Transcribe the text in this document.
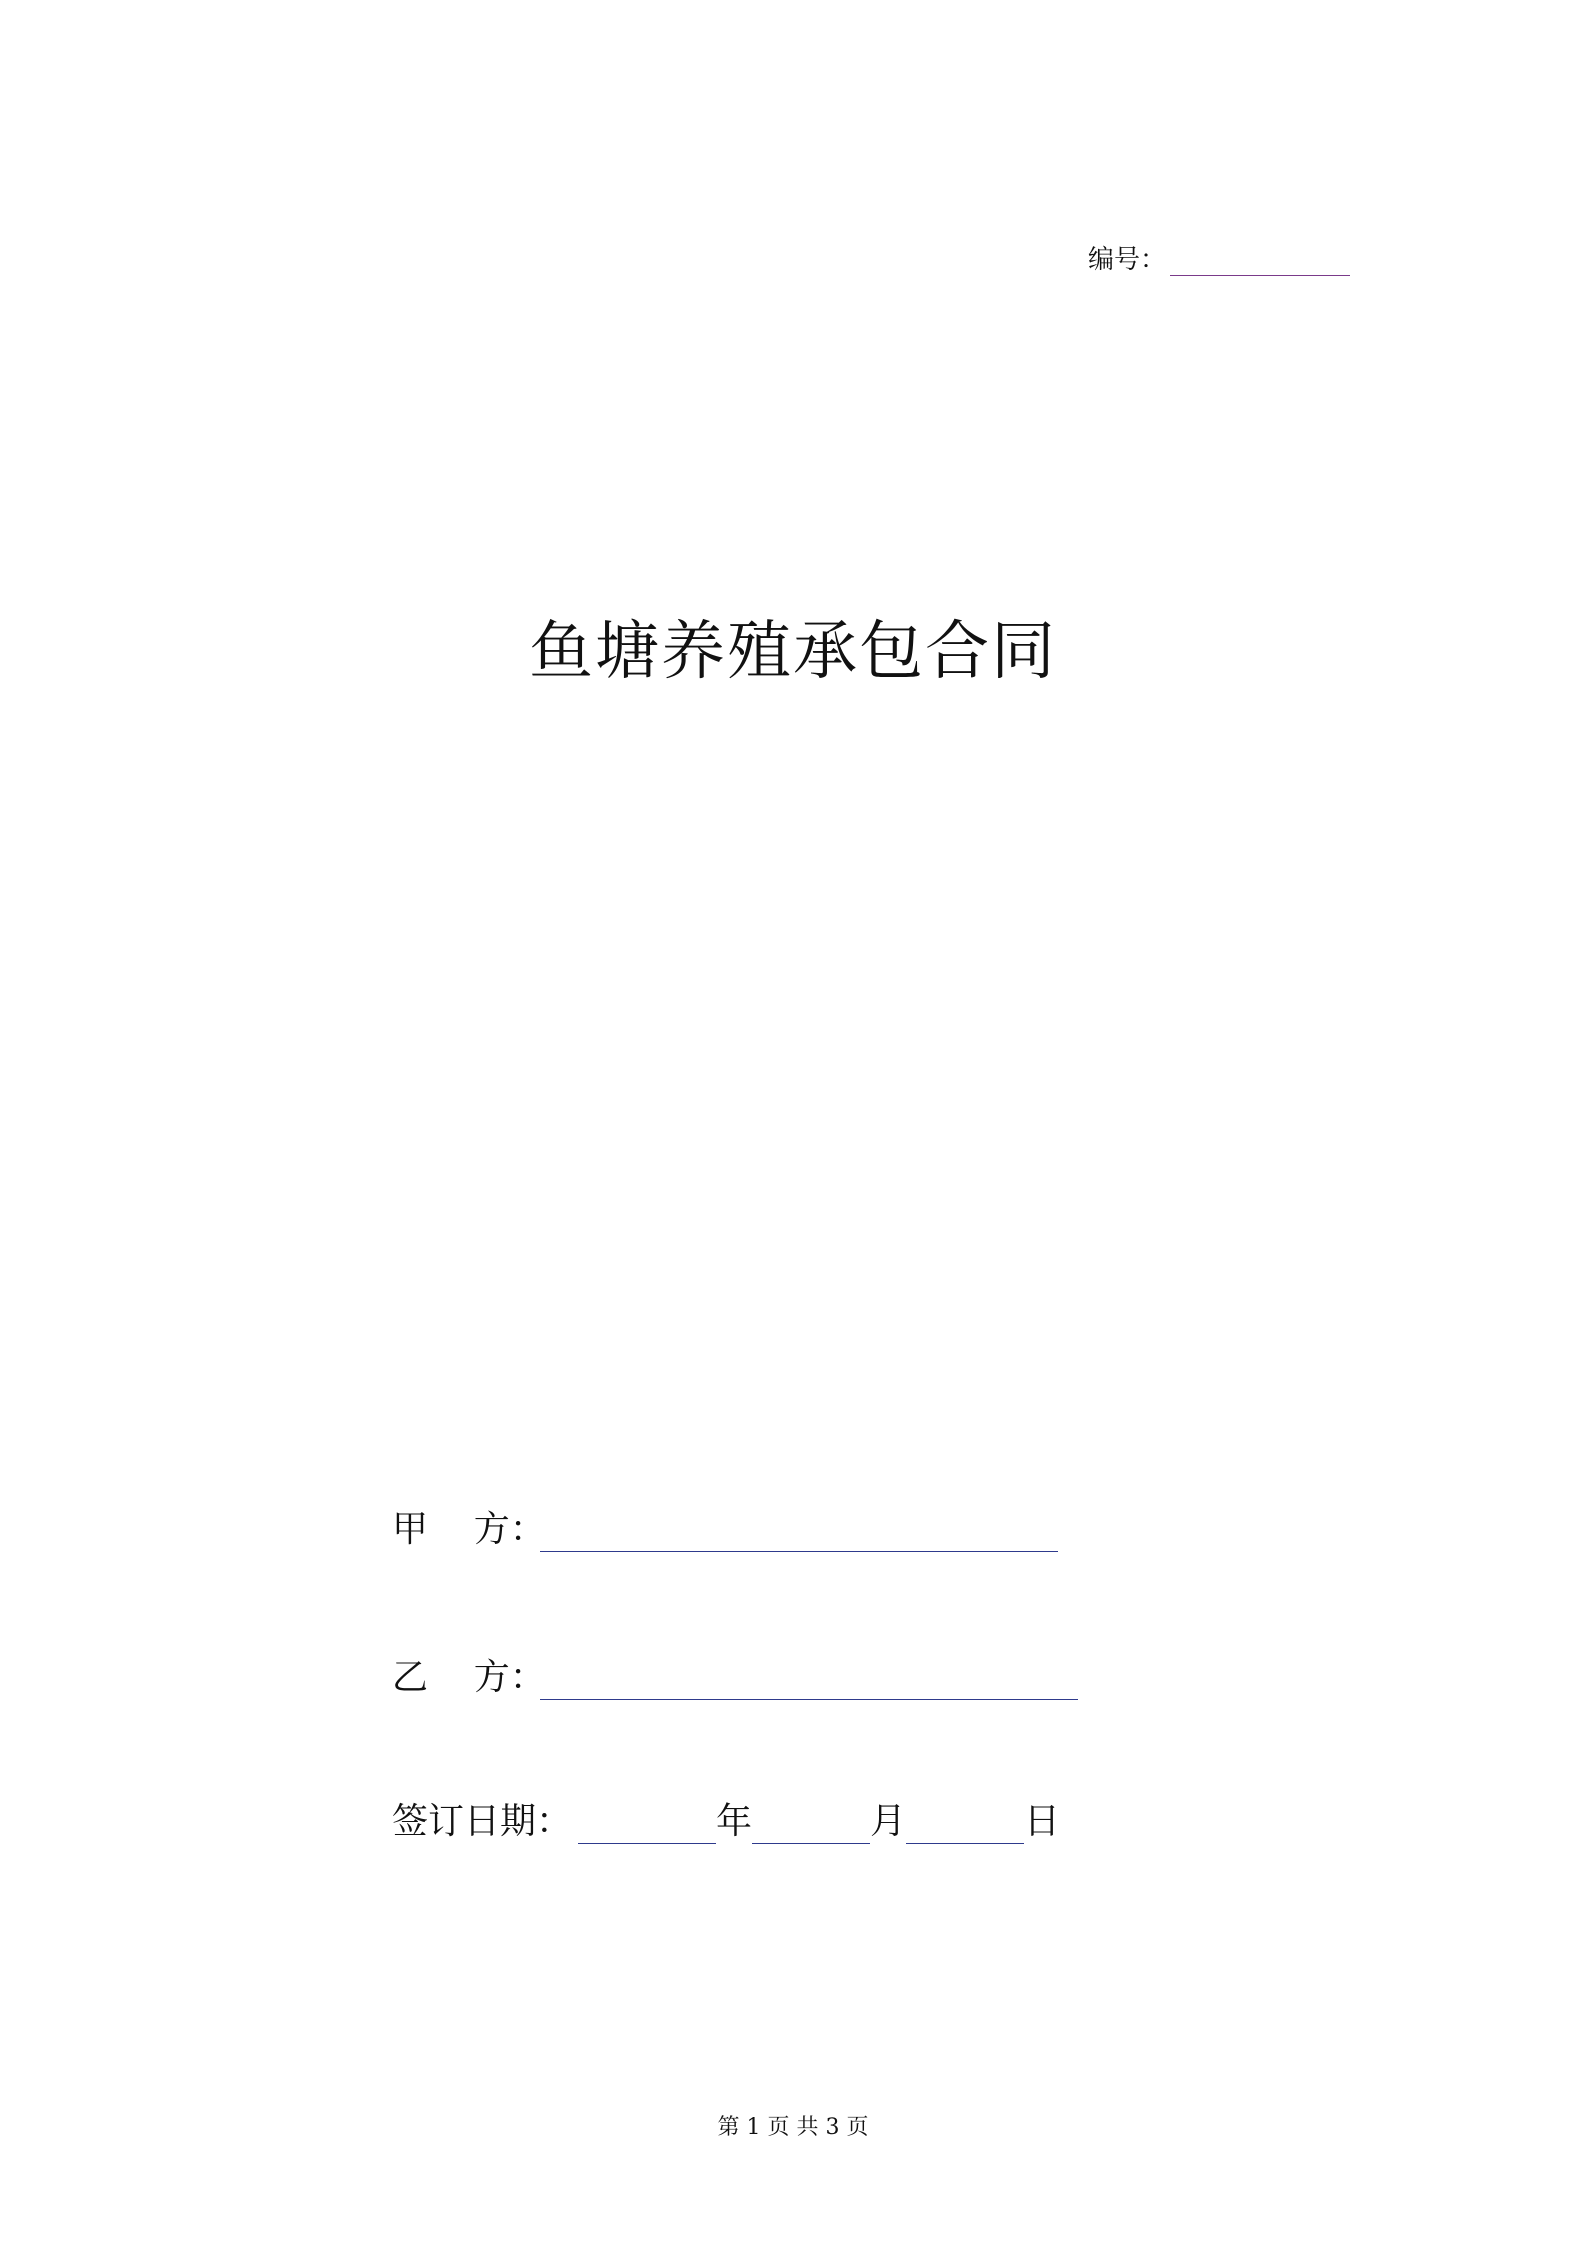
编号：
鱼塘养殖承包合同
甲    方：
乙    方：
签订日期：	年	月	日
第 1 页 共 3 页
